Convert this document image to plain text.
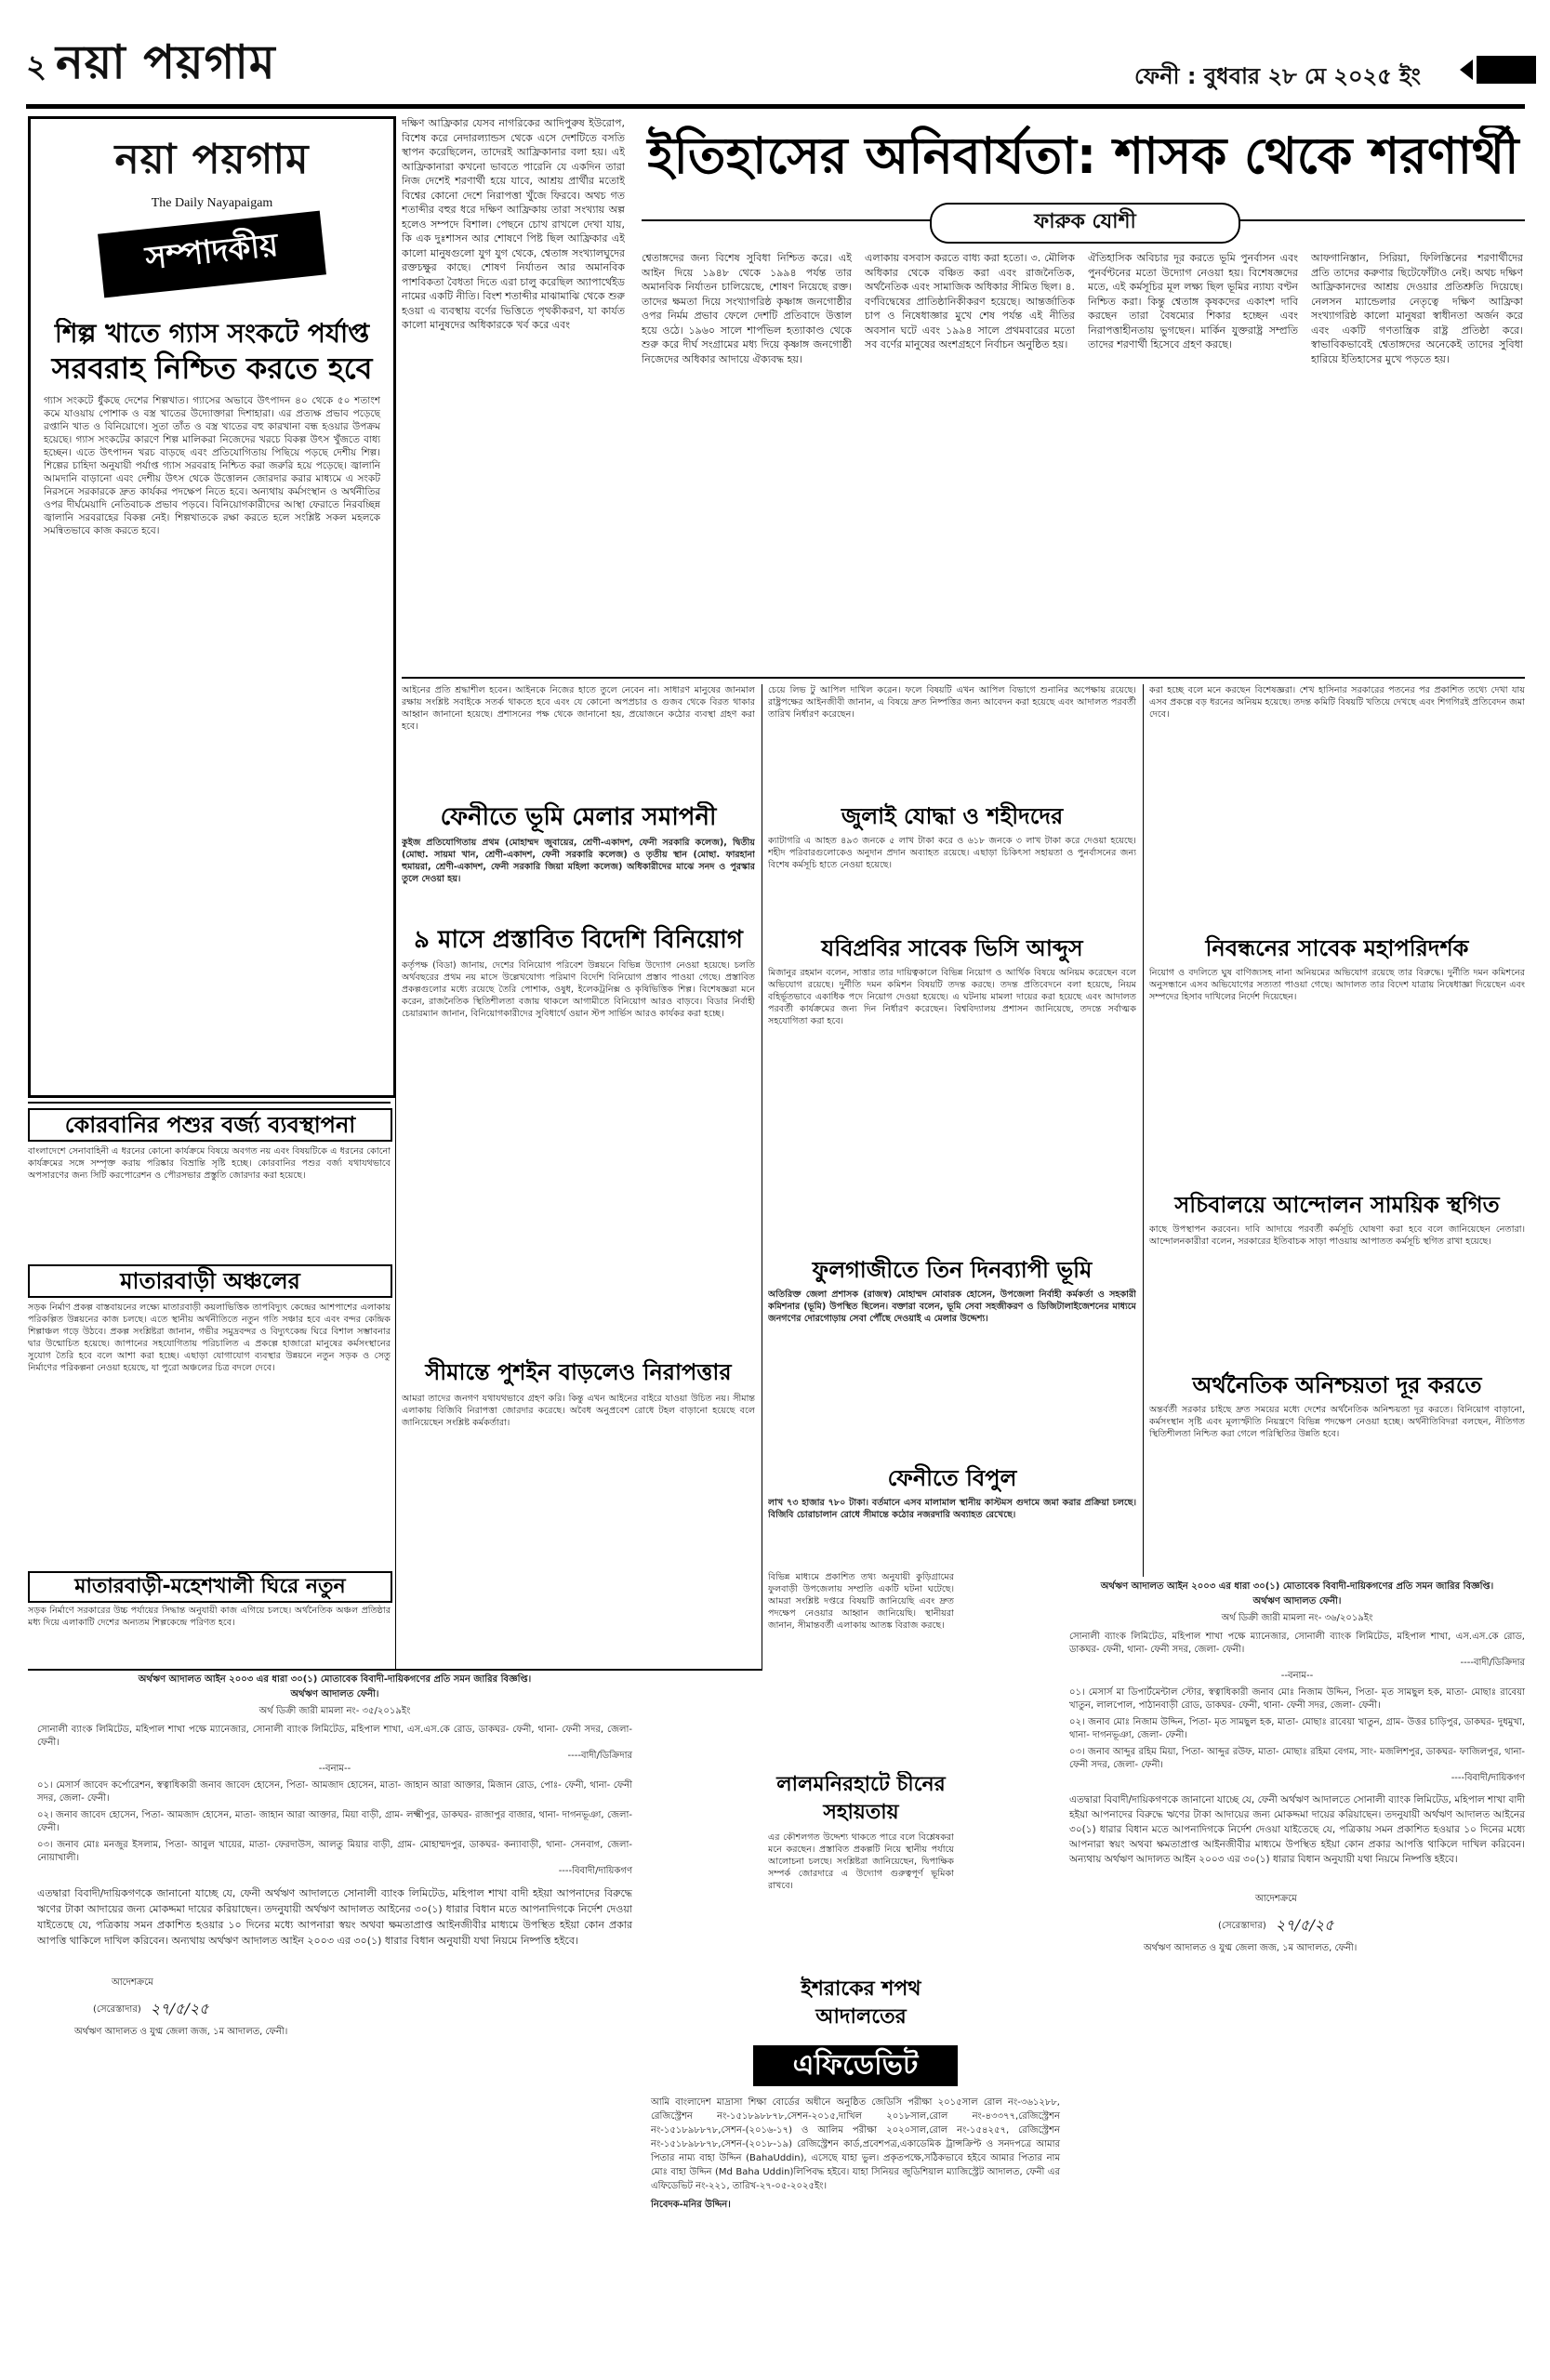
২ নয়া পয়গাম	ফেনী : বুধবার ২৮ মে ২০২৫ ইং
নয়া পয়গাম
The Daily Nayapaigam
সম্পাদকীয়
শিল্প খাতে গ্যাস সংকটে পর্যাপ্ত
সরবরাহ নিশ্চিত করতে হবে
গ্যাস সংকটে ধুঁকছে দেশের শিল্পখাত। গ্যাসের অভাবে উৎপাদন ৪০ থেকে ৫০ শতাংশ কমে যাওয়ায় পোশাক ও বস্ত্র খাতের উদ্যোক্তারা দিশাহারা। এর প্রত্যক্ষ প্রভাব পড়েছে রপ্তানি খাত ও বিনিয়োগে। সুতা তাঁত ও বস্ত্র খাতের বহু কারখানা বন্ধ হওয়ার উপক্রম হয়েছে। গ্যাস সংকটের কারণে শিল্প মালিকরা নিজেদের খরচে বিকল্প উৎস খুঁজতে বাধ্য হচ্ছেন। এতে উৎপাদন খরচ বাড়ছে এবং প্রতিযোগিতায় পিছিয়ে পড়ছে দেশীয় শিল্প। শিল্পের চাহিদা অনুযায়ী পর্যাপ্ত গ্যাস সরবরাহ নিশ্চিত করা জরুরি হয়ে পড়েছে। জ্বালানি আমদানি বাড়ানো এবং দেশীয় উৎস থেকে উত্তোলন জোরদার করার মাধ্যমে এ সংকট নিরসনে সরকারকে দ্রুত কার্যকর পদক্ষেপ নিতে হবে। অন্যথায় কর্মসংস্থান ও অর্থনীতির ওপর দীর্ঘমেয়াদি নেতিবাচক প্রভাব পড়বে। বিনিয়োগকারীদের আস্থা ফেরাতে নিরবচ্ছিন্ন জ্বালানি সরবরাহের বিকল্প নেই। শিল্পখাতকে রক্ষা করতে হলে সংশ্লিষ্ট সকল মহলকে সমন্বিতভাবে কাজ করতে হবে।
দক্ষিণ আফ্রিকার যেসব নাগরিকের আদিপুরুষ ইউরোপ, বিশেষ করে নেদারল্যান্ডস থেকে এসে দেশটিতে বসতি স্থাপন করেছিলেন, তাদেরই আফ্রিকানার বলা হয়। এই আফ্রিকানারা কখনো ভাবতে পারেনি যে একদিন তারা নিজ দেশেই শরণার্থী হয়ে যাবে, আশ্রয় প্রার্থীর মতোই বিশ্বের কোনো দেশে নিরাপত্তা খুঁজে ফিরবে। অথচ গত শতাব্দীর বহুর ধরে দক্ষিণ আফ্রিকায় তারা সংখ্যায় অল্প হলেও সম্পদে বিশাল। পেছনে চোখ রাখলে দেখা যায়, কি এক দুঃশাসন আর শোষণে পিষ্ট ছিল আফ্রিকার এই কালো মানুষগুলো যুগ যুগ থেকে, শ্বেতাঙ্গ সংখ্যালঘুদের রক্তচক্ষুর কাছে। শোষণ নির্যাতন আর অমানবিক পাশবিকতা বৈধতা দিতে এরা চালু করেছিল অ্যাপার্থেইড নামের একটি নীতি। বিংশ শতাব্দীর মাঝামাঝি থেকে শুরু হওয়া এ ব্যবস্থায় বর্ণের ভিত্তিতে পৃথকীকরণ, যা কার্যত কালো মানুষদের অধিকারকে খর্ব করে এবং
ইতিহাসের অনিবার্যতা: শাসক থেকে শরণার্থী
ফারুক যোশী
শ্বেতাঙ্গদের জন্য বিশেষ সুবিধা নিশ্চিত করে। এই আইন দিয়ে ১৯৪৮ থেকে ১৯৯৪ পর্যন্ত তার অমানবিক নির্যাতন চালিয়েছে, শোষণ নিয়েছে রক্ত। তাদের ক্ষমতা দিয়ে সংখ্যাগরিষ্ঠ কৃষ্ণাঙ্গ জনগোষ্ঠীর ওপর নির্মম প্রভাব ফেলে দেশটি প্রতিবাদে উত্তাল হয়ে ওঠে। ১৯৬০ সালে শার্পভিল হত্যাকাণ্ড থেকে শুরু করে দীর্ঘ সংগ্রামের মধ্য দিয়ে কৃষ্ণাঙ্গ জনগোষ্ঠী নিজেদের অধিকার আদায়ে ঐক্যবদ্ধ হয়।
এলাকায় বসবাস করতে বাধ্য করা হতো। ৩. মৌলিক অধিকার থেকে বঞ্চিত করা এবং রাজনৈতিক, অর্থনৈতিক এবং সামাজিক অধিকার সীমিত ছিল। ৪. বর্ণবিদ্বেষের প্রাতিষ্ঠানিকীকরণ হয়েছে। আন্তর্জাতিক চাপ ও নিষেধাজ্ঞার মুখে শেষ পর্যন্ত এই নীতির অবসান ঘটে এবং ১৯৯৪ সালে প্রথমবারের মতো সব বর্ণের মানুষের অংশগ্রহণে নির্বাচন অনুষ্ঠিত হয়।
ঐতিহাসিক অবিচার দূর করতে ভূমি পুনর্বাসন এবং পুনর্বণ্টনের মতো উদ্যোগ নেওয়া হয়। বিশেষজ্ঞদের মতে, এই কর্মসূচির মূল লক্ষ্য ছিল ভূমির ন্যায্য বণ্টন নিশ্চিত করা। কিন্তু শ্বেতাঙ্গ কৃষকদের একাংশ দাবি করছেন তারা বৈষম্যের শিকার হচ্ছেন এবং নিরাপত্তাহীনতায় ভুগছেন। মার্কিন যুক্তরাষ্ট্র সম্প্রতি তাদের শরণার্থী হিসেবে গ্রহণ করছে।
আফগানিস্তান, সিরিয়া, ফিলিস্তিনের শরণার্থীদের প্রতি তাদের করুণার ছিটেফোঁটাও নেই। অথচ দক্ষিণ আফ্রিকানদের আশ্রয় দেওয়ার প্রতিশ্রুতি দিয়েছে। নেলসন ম্যান্ডেলার নেতৃত্বে দক্ষিণ আফ্রিকা সংখ্যাগরিষ্ঠ কালো মানুষরা স্বাধীনতা অর্জন করে এবং একটি গণতান্ত্রিক রাষ্ট্র প্রতিষ্ঠা করে। স্বাভাবিকভাবেই শ্বেতাঙ্গদের অনেকেই তাদের সুবিধা হারিয়ে ইতিহাসের মুখে পড়তে হয়।
আইনের প্রতি শ্রদ্ধাশীল হবেন। আইনকে নিজের হাতে তুলে নেবেন না। সাধারণ মানুষের জানমাল রক্ষায় সংশ্লিষ্ট সবাইকে সতর্ক থাকতে হবে এবং যে কোনো অপপ্রচার ও গুজব থেকে বিরত থাকার আহ্বান জানানো হয়েছে। প্রশাসনের পক্ষ থেকে জানানো হয়, প্রয়োজনে কঠোর ব্যবস্থা গ্রহণ করা হবে।
চেয়ে লিভ টু আপিল দাখিল করেন। ফলে বিষয়টি এখন আপিল বিভাগে শুনানির অপেক্ষায় রয়েছে। রাষ্ট্রপক্ষের আইনজীবী জানান, এ বিষয়ে দ্রুত নিষ্পত্তির জন্য আবেদন করা হয়েছে এবং আদালত পরবর্তী তারিখ নির্ধারণ করেছেন।
করা হচ্ছে বলে মনে করছেন বিশেষজ্ঞরা। শেখ হাসিনার সরকারের পতনের পর প্রকাশিত তথ্যে দেখা যায় এসব প্রকল্পে বড় ধরনের অনিয়ম হয়েছে। তদন্ত কমিটি বিষয়টি খতিয়ে দেখছে এবং শিগগিরই প্রতিবেদন জমা দেবে।
কোরবানির পশুর বর্জ্য ব্যবস্থাপনা
বাংলাদেশে সেনাবাহিনী এ ধরনের কোনো কার্যক্রমে বিষয়ে অবগত নয় এবং বিষয়টিকে এ ধরনের কোনো কার্যক্রমের সঙ্গে সম্পৃক্ত করায় পরিষ্কার বিভ্রান্তি সৃষ্টি হচ্ছে। কোরবানির পশুর বর্জ্য যথাযথভাবে অপসারণের জন্য সিটি করপোরেশন ও পৌরসভার প্রস্তুতি জোরদার করা হয়েছে।
মাতারবাড়ী অঞ্চলের
সড়ক নির্মাণ প্রকল্প বাস্তবায়নের লক্ষ্যে মাতারবাড়ী কয়লাভিত্তিক তাপবিদ্যুৎ কেন্দ্রের আশপাশের এলাকায় পরিকল্পিত উন্নয়নের কাজ চলছে। এতে স্থানীয় অর্থনীতিতে নতুন গতি সঞ্চার হবে এবং বন্দর কেন্দ্রিক শিল্পাঞ্চল গড়ে উঠবে। প্রকল্প সংশ্লিষ্টরা জানান, গভীর সমুদ্রবন্দর ও বিদ্যুৎকেন্দ্র ঘিরে বিশাল সম্ভাবনার দ্বার উন্মোচিত হয়েছে। জাপানের সহযোগিতায় পরিচালিত এ প্রকল্পে হাজারো মানুষের কর্মসংস্থানের সুযোগ তৈরি হবে বলে আশা করা হচ্ছে। এছাড়া যোগাযোগ ব্যবস্থার উন্নয়নে নতুন সড়ক ও সেতু নির্মাণের পরিকল্পনা নেওয়া হয়েছে, যা পুরো অঞ্চলের চিত্র বদলে দেবে।
মাতারবাড়ী-মহেশখালী ঘিরে নতুন
সড়ক নির্মাণে সরকারের উচ্চ পর্যায়ের সিদ্ধান্ত অনুযায়ী কাজ এগিয়ে চলছে। অর্থনৈতিক অঞ্চল প্রতিষ্ঠার মধ্য দিয়ে এলাকাটি দেশের অন্যতম শিল্পকেন্দ্রে পরিণত হবে।
ফেনীতে ভূমি মেলার সমাপনী
কুইজ প্রতিযোগিতায় প্রথম (মোহাম্মদ জুবায়ের, শ্রেণী-একাদশ, ফেনী সরকারি কলেজ), দ্বিতীয় (মোছা. সায়মা খান, শ্রেণী-একাদশ, ফেনী সরকারি কলেজ) ও তৃতীয় স্থান (মোছা. ফারহানা হুমায়রা, শ্রেণী-একাদশ, ফেনী সরকারি জিয়া মহিলা কলেজ) অধিকারীদের মাঝে সনদ ও পুরস্কার তুলে দেওয়া হয়।
৯ মাসে প্রস্তাবিত বিদেশি বিনিয়োগ
কর্তৃপক্ষ (বিডা) জানায়, দেশের বিনিয়োগ পরিবেশ উন্নয়নে বিভিন্ন উদ্যোগ নেওয়া হয়েছে। চলতি অর্থবছরের প্রথম নয় মাসে উল্লেখযোগ্য পরিমাণ বিদেশি বিনিয়োগ প্রস্তাব পাওয়া গেছে। প্রস্তাবিত প্রকল্পগুলোর মধ্যে রয়েছে তৈরি পোশাক, ওষুধ, ইলেকট্রনিক্স ও কৃষিভিত্তিক শিল্প। বিশেষজ্ঞরা মনে করেন, রাজনৈতিক স্থিতিশীলতা বজায় থাকলে আগামীতে বিনিয়োগ আরও বাড়বে। বিডার নির্বাহী চেয়ারম্যান জানান, বিনিয়োগকারীদের সুবিধার্থে ওয়ান স্টপ সার্ভিস আরও কার্যকর করা হচ্ছে।
সীমান্তে পুশইন বাড়লেও নিরাপত্তার
আমরা তাদের জনগণ যথাযথভাবে গ্রহণ করি। কিন্তু এখন আইনের বাইরে যাওয়া উচিত নয়। সীমান্ত এলাকায় বিজিবি নিরাপত্তা জোরদার করেছে। অবৈধ অনুপ্রবেশ রোধে টহল বাড়ানো হয়েছে বলে জানিয়েছেন সংশ্লিষ্ট কর্মকর্তারা।
জুলাই যোদ্ধা ও শহীদদের
ক্যাটাগরি এ আহত ৪৯৩ জনকে ৫ লাখ টাকা করে ও ৬১৮ জনকে ৩ লাখ টাকা করে দেওয়া হয়েছে। শহীদ পরিবারগুলোকেও অনুদান প্রদান অব্যাহত রয়েছে। এছাড়া চিকিৎসা সহায়তা ও পুনর্বাসনের জন্য বিশেষ কর্মসূচি হাতে নেওয়া হয়েছে।
যবিপ্রবির সাবেক ভিসি আব্দুস
মিজানুর রহমান বলেন, সাত্তার তার দায়িত্বকালে বিভিন্ন নিয়োগ ও আর্থিক বিষয়ে অনিয়ম করেছেন বলে অভিযোগ রয়েছে। দুর্নীতি দমন কমিশন বিষয়টি তদন্ত করছে। তদন্ত প্রতিবেদনে বলা হয়েছে, নিয়ম বহির্ভূতভাবে একাধিক পদে নিয়োগ দেওয়া হয়েছে। এ ঘটনায় মামলা দায়ের করা হয়েছে এবং আদালত পরবর্তী কার্যক্রমের জন্য দিন নির্ধারণ করেছেন। বিশ্ববিদ্যালয় প্রশাসন জানিয়েছে, তদন্তে সর্বাত্মক সহযোগিতা করা হবে।
ফুলগাজীতে তিন দিনব্যাপী ভূমি
অতিরিক্ত জেলা প্রশাসক (রাজস্ব) মোহাম্মদ মোবারক হোসেন, উপজেলা নির্বাহী কর্মকর্তা ও সহকারী কমিশনার (ভূমি) উপস্থিত ছিলেন। বক্তারা বলেন, ভূমি সেবা সহজীকরণ ও ডিজিটালাইজেশনের মাধ্যমে জনগণের দোরগোড়ায় সেবা পৌঁছে দেওয়াই এ মেলার উদ্দেশ্য।
ফেনীতে বিপুল
লাখ ৭৩ হাজার ৭৮০ টাকা। বর্তমানে এসব মালামাল স্থানীয় কাস্টমস গুদামে জমা করার প্রক্রিয়া চলছে। বিজিবি চোরাচালান রোধে সীমান্তে কঠোর নজরদারি অব্যাহত রেখেছে।
নিবন্ধনের সাবেক মহাপরিদর্শক
নিয়োগ ও বদলিতে ঘুষ বাণিজ্যসহ নানা অনিয়মের অভিযোগ রয়েছে তার বিরুদ্ধে। দুর্নীতি দমন কমিশনের অনুসন্ধানে এসব অভিযোগের সত্যতা পাওয়া গেছে। আদালত তার বিদেশ যাত্রায় নিষেধাজ্ঞা দিয়েছেন এবং সম্পদের হিসাব দাখিলের নির্দেশ দিয়েছেন।
সচিবালয়ে আন্দোলন সাময়িক স্থগিত
কাছে উপস্থাপন করবেন। দাবি আদায়ে পরবর্তী কর্মসূচি ঘোষণা করা হবে বলে জানিয়েছেন নেতারা। আন্দোলনকারীরা বলেন, সরকারের ইতিবাচক সাড়া পাওয়ায় আপাতত কর্মসূচি স্থগিত রাখা হয়েছে।
অর্থনৈতিক অনিশ্চয়তা দূর করতে
অন্তর্বর্তী সরকার চাইছে দ্রুত সময়ের মধ্যে দেশের অর্থনৈতিক অনিশ্চয়তা দূর করতে। বিনিয়োগ বাড়ানো, কর্মসংস্থান সৃষ্টি এবং মূল্যস্ফীতি নিয়ন্ত্রণে বিভিন্ন পদক্ষেপ নেওয়া হচ্ছে। অর্থনীতিবিদরা বলছেন, নীতিগত স্থিতিশীলতা নিশ্চিত করা গেলে পরিস্থিতির উন্নতি হবে।
বিভিন্ন মাধ্যমে প্রকাশিত তথ্য অনুযায়ী কুড়িগ্রামের ফুলবাড়ী উপজেলায় সম্প্রতি একটি ঘটনা ঘটেছে। আমরা সংশ্লিষ্ট দপ্তরে বিষয়টি জানিয়েছি এবং দ্রুত পদক্ষেপ নেওয়ার আহ্বান জানিয়েছি। স্থানীয়রা জানান, সীমান্তবর্তী এলাকায় আতঙ্ক বিরাজ করছে।
লালমনিরহাটে চীনের সহায়তায়
এর কৌশলগত উদ্দেশ্য থাকতে পারে বলে বিশ্লেষকরা মনে করছেন। প্রস্তাবিত প্রকল্পটি নিয়ে স্থানীয় পর্যায়ে আলোচনা চলছে। সংশ্লিষ্টরা জানিয়েছেন, দ্বিপাক্ষিক সম্পর্ক জোরদারে এ উদ্যোগ গুরুত্বপূর্ণ ভূমিকা রাখবে।
ইশরাকের শপথ আদালতের
এফিডেভিট
আমি বাংলাদেশ মাদ্রাসা শিক্ষা বোর্ডের অধীনে অনুষ্ঠিত জেডিসি পরীক্ষা ২০১৫সাল রোল নং-৩৬১২৮৮, রেজিস্ট্রেশন নং-১৫১৮৯৮৮৭৮,সেশন-২০১৫,দাখিল ২০১৮সাল,রোল নং-৪৩৩৭৭,রেজিস্ট্রেশন নং-১৫১৮৯৮৮৭৮,সেশন-(২০১৬-১৭) ও আলিম পরীক্ষা ২০২০সাল,রোল নং-১৫৪২৫৭, রেজিস্ট্রেশন নং-১৫১৮৯৮৮৭৮,সেশন-(২০১৮-১৯) রেজিস্ট্রেশন কার্ড,প্রবেশপত্র,একাডেমিক ট্রান্সক্রিপ্ট ও সনদপত্রে আমার পিতার নাম্য বাহা উদ্দিন (BahaUddin), এসেছে যাহা ভুল। প্রকৃতপক্ষে,সঠিকভাবে হইবে আমার পিতার নাম মোঃ বাহা উদ্দিন (Md Baha Uddin)লিপিবদ্ধ হইবে। যাহা সিনিয়র জুডিশিয়াল ম্যাজিস্ট্রেট আদালত, ফেনী এর এফিডেভিট নং-২২১, তারিখ-২৭-০৫-২০২৫ইং।
নিবেদক-মনির উদ্দিন।
অর্থঋণ আদালত আইন ২০০৩ এর ধারা ৩০(১) মোতাবেক বিবাদী-দায়িকগণের প্রতি সমন জারির বিজ্ঞপ্তি।
অর্থঋণ আদালত ফেনী।
অর্থ ডিক্রী জারী মামলা নং- ৩৫/২০১৯ইং
সোনালী ব্যাংক লিমিটেড, মহিপাল শাখা পক্ষে ম্যানেজার, সোনালী ব্যাংক লিমিটেড, মহিপাল শাখা, এস.এস.কে রোড, ডাকঘর- ফেনী, থানা- ফেনী সদর, জেলা- ফেনী।
----বাদী/ডিক্রিদার
--বনাম--
০১। মেসার্স জাবেদ কর্পোরেশন, স্বত্বাধিকারী জনাব জাবেদ হোসেন, পিতা- আমজাদ হোসেন, মাতা- জাহান আরা আক্তার, মিজান রোড, পোঃ- ফেনী, থানা- ফেনী সদর, জেলা- ফেনী।
০২। জনাব জাবেদ হোসেন, পিতা- আমজাদ হোসেন, মাতা- জাহান আরা আক্তার, মিয়া বাড়ী, গ্রাম- লক্ষ্মীপুর, ডাকঘর- রাজাপুর বাজার, থানা- দাগনভূঞা, জেলা- ফেনী।
০৩। জনাব মোঃ মনজুর ইসলাম, পিতা- আবুল খায়ের, মাতা- ফেরদাউস, আলতু মিয়ার বাড়ী, গ্রাম- মোহাম্মদপুর, ডাকঘর- কন্যাবাড়ী, থানা- সেনবাগ, জেলা- নোয়াখালী।
----বিবাদী/দায়িকগণ
এতদ্বারা বিবাদী/দায়িকগণকে জানানো যাচ্ছে যে, ফেনী অর্থঋণ আদালতে সোনালী ব্যাংক লিমিটেড, মহিপাল শাখা বাদী হইয়া আপনাদের বিরুদ্ধে ঋণের টাকা আদায়ের জন্য মোকদ্দমা দায়ের করিয়াছেন। তদনুযায়ী অর্থঋণ আদালত আইনের ৩০(১) ধারার বিধান মতে আপনাদিগকে নির্দেশ দেওয়া যাইতেছে যে, পত্রিকায় সমন প্রকাশিত হওয়ার ১০ দিনের মধ্যে আপনারা স্বয়ং অথবা ক্ষমতাপ্রাপ্ত আইনজীবীর মাধ্যমে উপস্থিত হইয়া কোন প্রকার আপত্তি থাকিলে দাখিল করিবেন। অন্যথায় অর্থঋণ আদালত আইন ২০০৩ এর ৩০(১) ধারার বিধান অনুযায়ী যথা নিয়মে নিষ্পত্তি হইবে।
আদেশক্রমে
(সেরেস্তাদার) ২৭/৫/২৫
অর্থঋণ আদালত ও যুগ্ম জেলা জজ, ১ম আদালত, ফেনী।
অর্থঋণ আদালত আইন ২০০৩ এর ধারা ৩০(১) মোতাবেক বিবাদী-দায়িকগণের প্রতি সমন জারির বিজ্ঞপ্তি।
অর্থঋণ আদালত ফেনী।
অর্থ ডিক্রী জারী মামলা নং- ৩৬/২০১৯ইং
সোনালী ব্যাংক লিমিটেড, মহিপাল শাখা পক্ষে ম্যানেজার, সোনালী ব্যাংক লিমিটেড, মহিপাল শাখা, এস.এস.কে রোড, ডাকঘর- ফেনী, থানা- ফেনী সদর, জেলা- ফেনী।
----বাদী/ডিক্রিদার
--বনাম--
০১। মেসার্স মা ডিপার্টমেন্টাল স্টোর, স্বত্বাধিকারী জনাব মোঃ নিজাম উদ্দিন, পিতা- মৃত সামছুল হক, মাতা- মোছাঃ রাবেয়া খাতুন, লালপোল, পাঠানবাড়ী রোড, ডাকঘর- ফেনী, থানা- ফেনী সদর, জেলা- ফেনী।
০২। জনাব মোঃ নিজাম উদ্দিন, পিতা- মৃত সামছুল হক, মাতা- মোছাঃ রাবেয়া খাতুন, গ্রাম- উত্তর চাড়িপুর, ডাকঘর- দুধমুখা, থানা- দাগনভূঞা, জেলা- ফেনী।
০৩। জনাব আব্দুর রহিম মিয়া, পিতা- আব্দুর রউফ, মাতা- মোছাঃ রহিমা বেগম, সাং- মজলিশপুর, ডাকঘর- ফাজিলপুর, থানা- ফেনী সদর, জেলা- ফেনী।
----বিবাদী/দায়িকগণ
এতদ্বারা বিবাদী/দায়িকগণকে জানানো যাচ্ছে যে, ফেনী অর্থঋণ আদালতে সোনালী ব্যাংক লিমিটেড, মহিপাল শাখা বাদী হইয়া আপনাদের বিরুদ্ধে ঋণের টাকা আদায়ের জন্য মোকদ্দমা দায়ের করিয়াছেন। তদনুযায়ী অর্থঋণ আদালত আইনের ৩০(১) ধারার বিধান মতে আপনাদিগকে নির্দেশ দেওয়া যাইতেছে যে, পত্রিকায় সমন প্রকাশিত হওয়ার ১০ দিনের মধ্যে আপনারা স্বয়ং অথবা ক্ষমতাপ্রাপ্ত আইনজীবীর মাধ্যমে উপস্থিত হইয়া কোন প্রকার আপত্তি থাকিলে দাখিল করিবেন। অন্যথায় অর্থঋণ আদালত আইন ২০০৩ এর ৩০(১) ধারার বিধান অনুযায়ী যথা নিয়মে নিষ্পত্তি হইবে।
আদেশক্রমে
(সেরেস্তাদার) ২৭/৫/২৫
অর্থঋণ আদালত ও যুগ্ম জেলা জজ, ১ম আদালত, ফেনী।
